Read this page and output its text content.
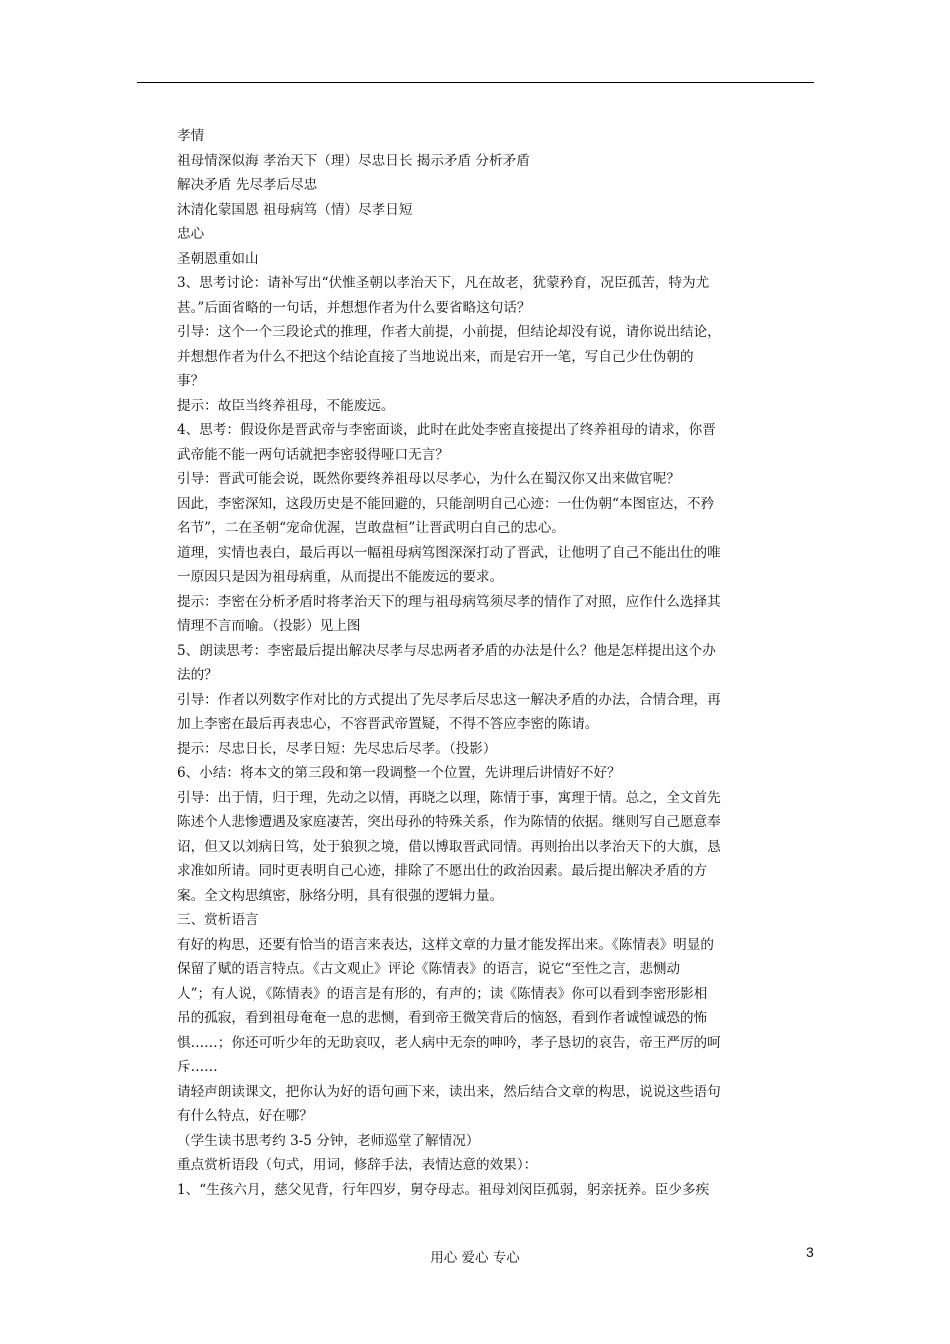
孝情
祖母情深似海 孝治天下（理）尽忠日长 揭示矛盾 分析矛盾
解决矛盾 先尽孝后尽忠
沐清化蒙国恩 祖母病笃（情）尽孝日短
忠心
圣朝恩重如山
3、思考讨论：请补写出“伏惟圣朝以孝治天下，凡在故老，犹蒙矜育，况臣孤苦，特为尤
甚。”后面省略的一句话，并想想作者为什么要省略这句话？
引导：这个一个三段论式的推理，作者大前提，小前提，但结论却没有说，请你说出结论，
并想想作者为什么不把这个结论直接了当地说出来，而是宕开一笔，写自己少仕伪朝的
事？
提示：故臣当终养祖母，不能废远。
4、思考：假设你是晋武帝与李密面谈，此时在此处李密直接提出了终养祖母的请求，你晋
武帝能不能一两句话就把李密驳得哑口无言？
引导：晋武可能会说，既然你要终养祖母以尽孝心，为什么在蜀汉你又出来做官呢？
因此，李密深知，这段历史是不能回避的，只能剖明自己心迹：一仕伪朝“本图宦达，不矜
名节”，二在圣朝“宠命优渥，岂敢盘桓”让晋武明白自己的忠心。
道理，实情也表白，最后再以一幅祖母病笃图深深打动了晋武，让他明了自己不能出仕的唯
一原因只是因为祖母病重，从而提出不能废远的要求。
提示：李密在分析矛盾时将孝治天下的理与祖母病笃须尽孝的情作了对照，应作什么选择其
情理不言而喻。（投影）见上图
5、朗读思考：李密最后提出解决尽孝与尽忠两者矛盾的办法是什么？他是怎样提出这个办
法的？
引导：作者以列数字作对比的方式提出了先尽孝后尽忠这一解决矛盾的办法，合情合理，再
加上李密在最后再表忠心，不容晋武帝置疑，不得不答应李密的陈请。
提示：尽忠日长，尽孝日短：先尽忠后尽孝。（投影）
6、小结：将本文的第三段和第一段调整一个位置，先讲理后讲情好不好？
引导：出于情，归于理，先动之以情，再晓之以理，陈情于事，寓理于情。总之，全文首先
陈述个人悲惨遭遇及家庭凄苦，突出母孙的特殊关系，作为陈情的依据。继则写自己愿意奉
诏，但又以刘病日笃，处于狼狈之境，借以博取晋武同情。再则抬出以孝治天下的大旗，恳
求准如所请。同时更表明自己心迹，排除了不愿出仕的政治因素。最后提出解决矛盾的方
案。全文构思缜密，脉络分明，具有很强的逻辑力量。
三、赏析语言
有好的构思，还要有恰当的语言来表达，这样文章的力量才能发挥出来。《陈情表》明显的
保留了赋的语言特点。《古文观止》评论《陈情表》的语言，说它“至性之言，悲恻动
人”；有人说，《陈情表》的语言是有形的，有声的；读《陈情表》你可以看到李密形影相
吊的孤寂，看到祖母奄奄一息的悲恻，看到帝王微笑背后的恼怒，看到作者诚惶诚恐的怖
惧……；你还可听少年的无助哀叹，老人病中无奈的呻吟，孝子恳切的哀告，帝王严厉的呵
斥……
请轻声朗读课文，把你认为好的语句画下来，读出来，然后结合文章的构思，说说这些语句
有什么特点，好在哪？
（学生读书思考约 3-5 分钟，老师巡堂了解情况）
重点赏析语段（句式，用词，修辞手法，表情达意的效果）：
1、“生孩六月，慈父见背，行年四岁，舅夺母志。祖母刘闵臣孤弱，躬亲抚养。臣少多疾
用心 爱心 专心	3
